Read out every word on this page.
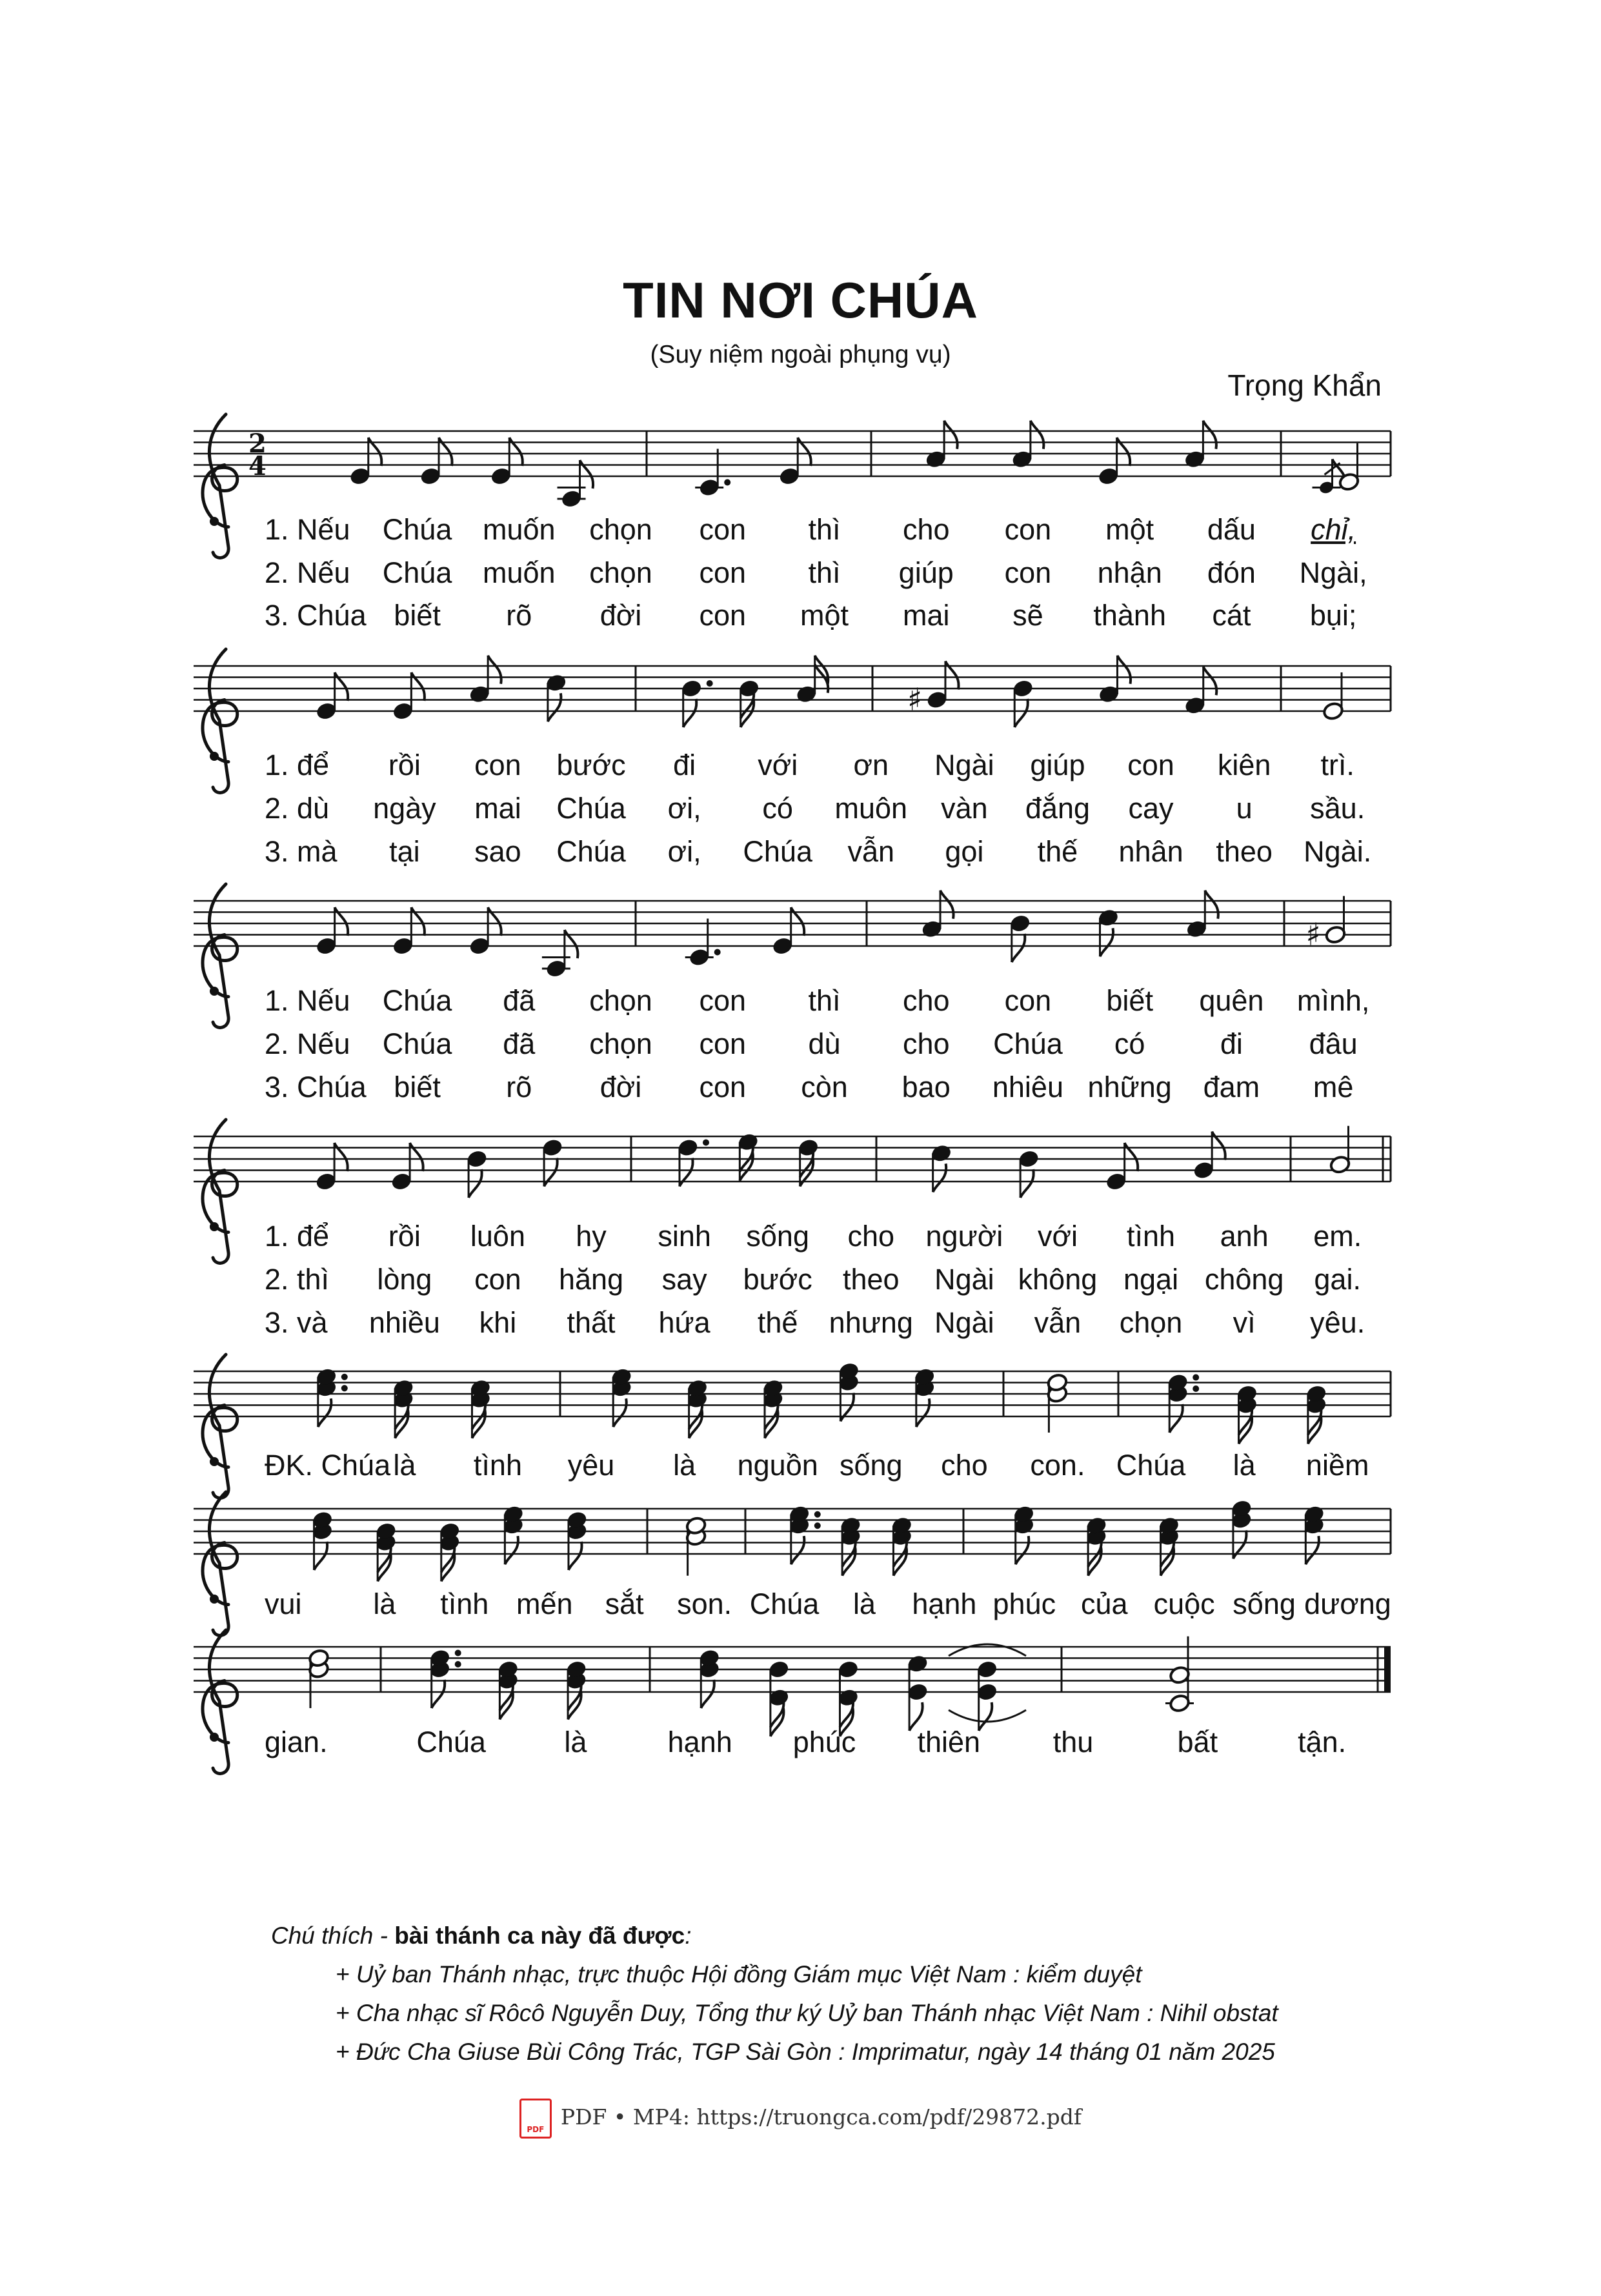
TIN NƠI CHÚA
(Suy niệm ngoài phụng vụ)
Trọng Khẩn
2
4
♯
♯
1. Nếu	Chúa	muốn	chọn	con	thì	cho	con	một	dấu	chỉ,
2. Nếu	Chúa	muốn	chọn	con	thì	giúp	con	nhận	đón	Ngài,
3. Chúa biết	rõ	đời	con	một	mai	sẽ	thành	cát	bụi;
1. để	rồi	con	bước	đi	với	ơn	Ngài	giúp	con	kiên	trì.
2. dù	ngày	mai	Chúa	ơi,	có	muôn	vàn	đắng	cay	u	sầu.
3. mà	tại	sao	Chúa	ơi,	Chúa	vẫn	gọi	thế	nhân	theo	Ngài.
1. Nếu	Chúa	đã	chọn	con	thì	cho	con	biết	quên	mình,
2. Nếu	Chúa	đã	chọn	con	dù	cho	Chúa	có	đi	đâu
3. Chúa biết	rõ	đời	con	còn	bao	nhiêu những	đam	mê
1. để	rồi	luôn	hy	sinh	sống	cho	người	với	tình	anh	em.
2. thì	lòng	con	hăng	say	bước	theo	Ngài không ngại chông	gai.
3. và	nhiều	khi	thất	hứa	thế	nhưng Ngài	vẫn	chọn	vì	yêu.
ĐK. Chúa là	tình	yêu	là	nguồn sống	cho	con.	Chúa	là	niềm
vui	là	tình mến	sắt	son. Chúa	là	hạnh phúc của cuộc sống dương
gian.	Chúa	là	hạnh	phúc	thiên	thu	bất	tận.
Chú thích - bài thánh ca này đã được:
+ Uỷ ban Thánh nhạc, trực thuộc Hội đồng Giám mục Việt Nam : kiểm duyệt
+ Cha nhạc sĩ Rôcô Nguyễn Duy, Tổng thư ký Uỷ ban Thánh nhạc Việt Nam : Nihil obstat
+ Đức Cha Giuse Bùi Công Trác, TGP Sài Gòn : Imprimatur, ngày 14 tháng 01 năm 2025
PDF PDF • MP4: https://truongca.com/pdf/29872.pdf
